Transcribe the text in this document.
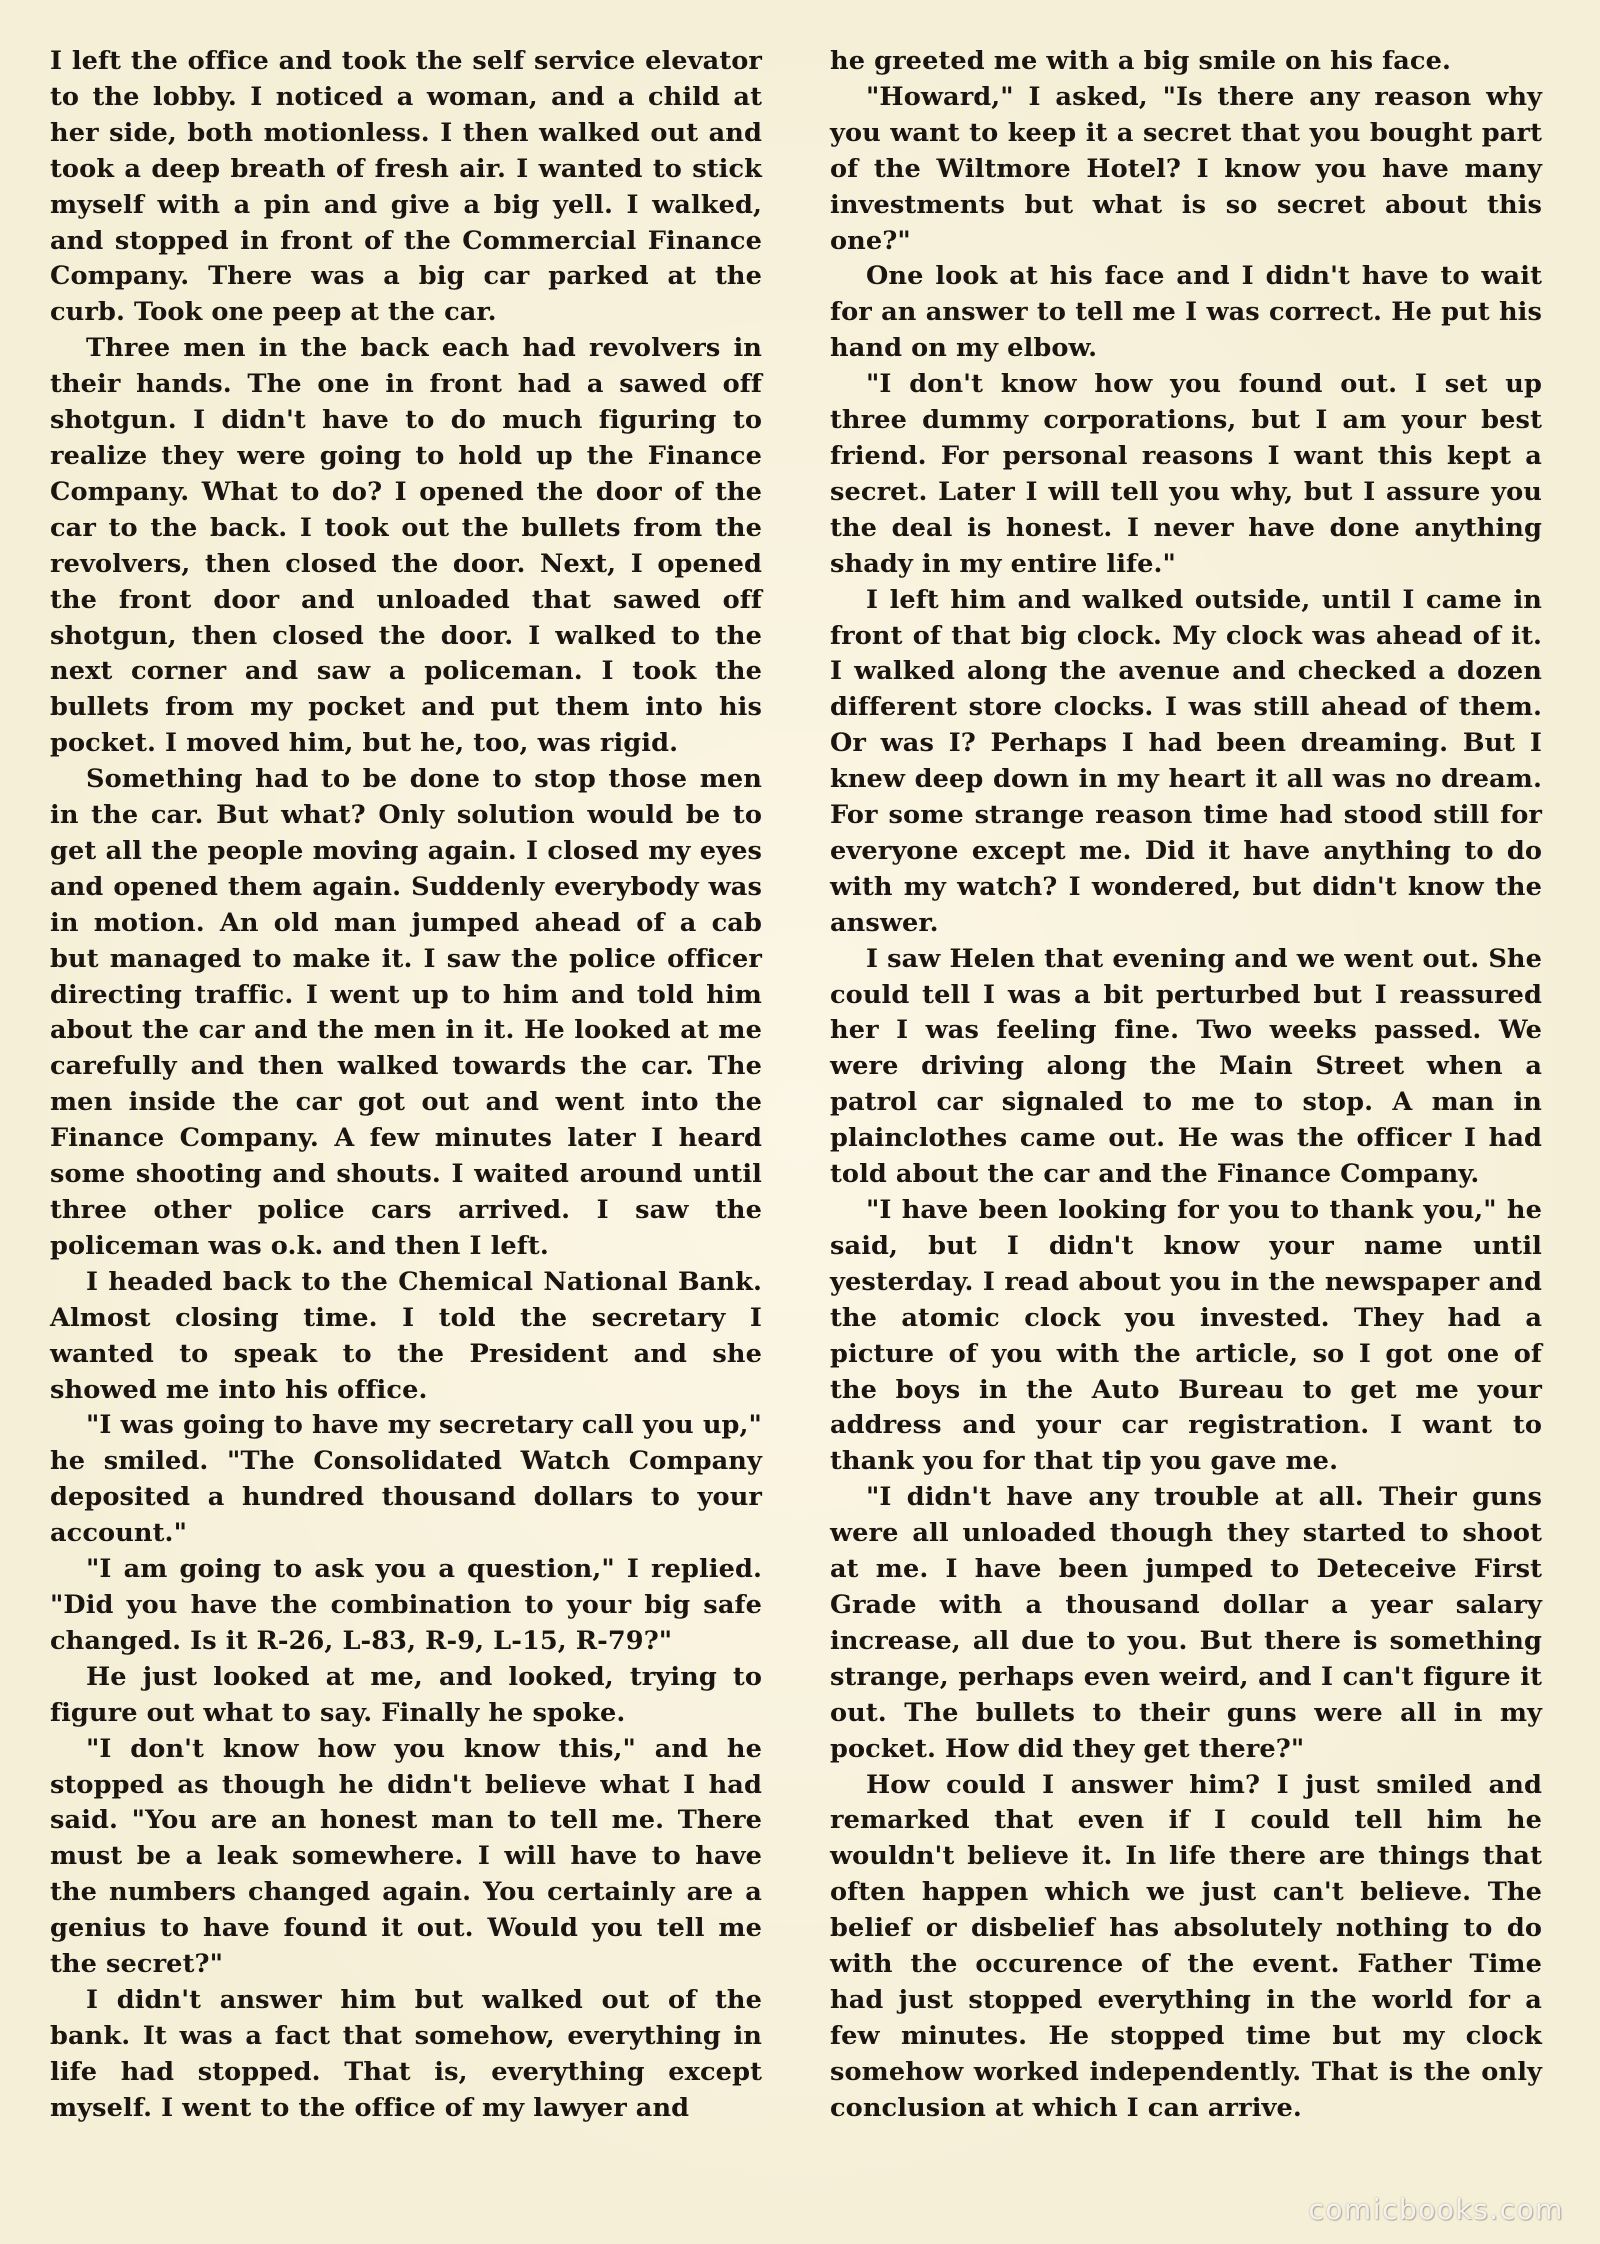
I left the office and took the self service elevator to the lobby. I noticed a woman, and a child at her side, both motionless. I then walked out and took a deep breath of fresh air. I wanted to stick myself with a pin and give a big yell. I walked, and stopped in front of the Commercial Finance Company. There was a big car parked at the curb. Took one peep at the car.

Three men in the back each had revolvers in their hands. The one in front had a sawed off shotgun. I didn't have to do much figuring to realize they were going to hold up the Finance Company. What to do? I opened the door of the car to the back. I took out the bullets from the revolvers, then closed the door. Next, I opened the front door and unloaded that sawed off shotgun, then closed the door. I walked to the next corner and saw a policeman. I took the bullets from my pocket and put them into his pocket. I moved him, but he, too, was rigid.

Something had to be done to stop those men in the car. But what? Only solution would be to get all the people moving again. I closed my eyes and opened them again. Suddenly everybody was in motion. An old man jumped ahead of a cab but managed to make it. I saw the police officer directing traffic. I went up to him and told him about the car and the men in it. He looked at me carefully and then walked towards the car. The men inside the car got out and went into the Finance Company. A few minutes later I heard some shooting and shouts. I waited around until three other police cars arrived. I saw the policeman was o.k. and then I left.

I headed back to the Chemical National Bank. Almost closing time. I told the secretary I wanted to speak to the President and she showed me into his office.

"I was going to have my secretary call you up," he smiled. "The Consolidated Watch Company deposited a hundred thousand dollars to your account."

"I am going to ask you a question," I replied. "Did you have the combination to your big safe changed. Is it R-26, L-83, R-9, L-15, R-79?"

He just looked at me, and looked, trying to figure out what to say. Finally he spoke.

"I don't know how you know this," and he stopped as though he didn't believe what I had said. "You are an honest man to tell me. There must be a leak somewhere. I will have to have the numbers changed again. You certainly are a genius to have found it out. Would you tell me the secret?"

I didn't answer him but walked out of the bank. It was a fact that somehow, everything in life had stopped. That is, everything except myself. I went to the office of my lawyer and

he greeted me with a big smile on his face.

"Howard," I asked, "Is there any reason why you want to keep it a secret that you bought part of the Wiltmore Hotel? I know you have many investments but what is so secret about this one?"

One look at his face and I didn't have to wait for an answer to tell me I was correct. He put his hand on my elbow.

"I don't know how you found out. I set up three dummy corporations, but I am your best friend. For personal reasons I want this kept a secret. Later I will tell you why, but I assure you the deal is honest. I never have done anything shady in my entire life."

I left him and walked outside, until I came in front of that big clock. My clock was ahead of it. I walked along the avenue and checked a dozen different store clocks. I was still ahead of them. Or was I? Perhaps I had been dreaming. But I knew deep down in my heart it all was no dream. For some strange reason time had stood still for everyone except me. Did it have anything to do with my watch? I wondered, but didn't know the answer.

I saw Helen that evening and we went out. She could tell I was a bit perturbed but I reassured her I was feeling fine. Two weeks passed. We were driving along the Main Street when a patrol car signaled to me to stop. A man in plainclothes came out. He was the officer I had told about the car and the Finance Company.

"I have been looking for you to thank you," he said, but I didn't know your name until yesterday. I read about you in the newspaper and the atomic clock you invested. They had a picture of you with the article, so I got one of the boys in the Auto Bureau to get me your address and your car registration. I want to thank you for that tip you gave me.

"I didn't have any trouble at all. Their guns were all unloaded though they started to shoot at me. I have been jumped to Deteceive First Grade with a thousand dollar a year salary increase, all due to you. But there is something strange, perhaps even weird, and I can't figure it out. The bullets to their guns were all in my pocket. How did they get there?"

How could I answer him? I just smiled and remarked that even if I could tell him he wouldn't believe it. In life there are things that often happen which we just can't believe. The belief or disbelief has absolutely nothing to do with the occurence of the event. Father Time had just stopped everything in the world for a few minutes. He stopped time but my clock somehow worked independently. That is the only conclusion at which I can arrive.

comicbooks.com
